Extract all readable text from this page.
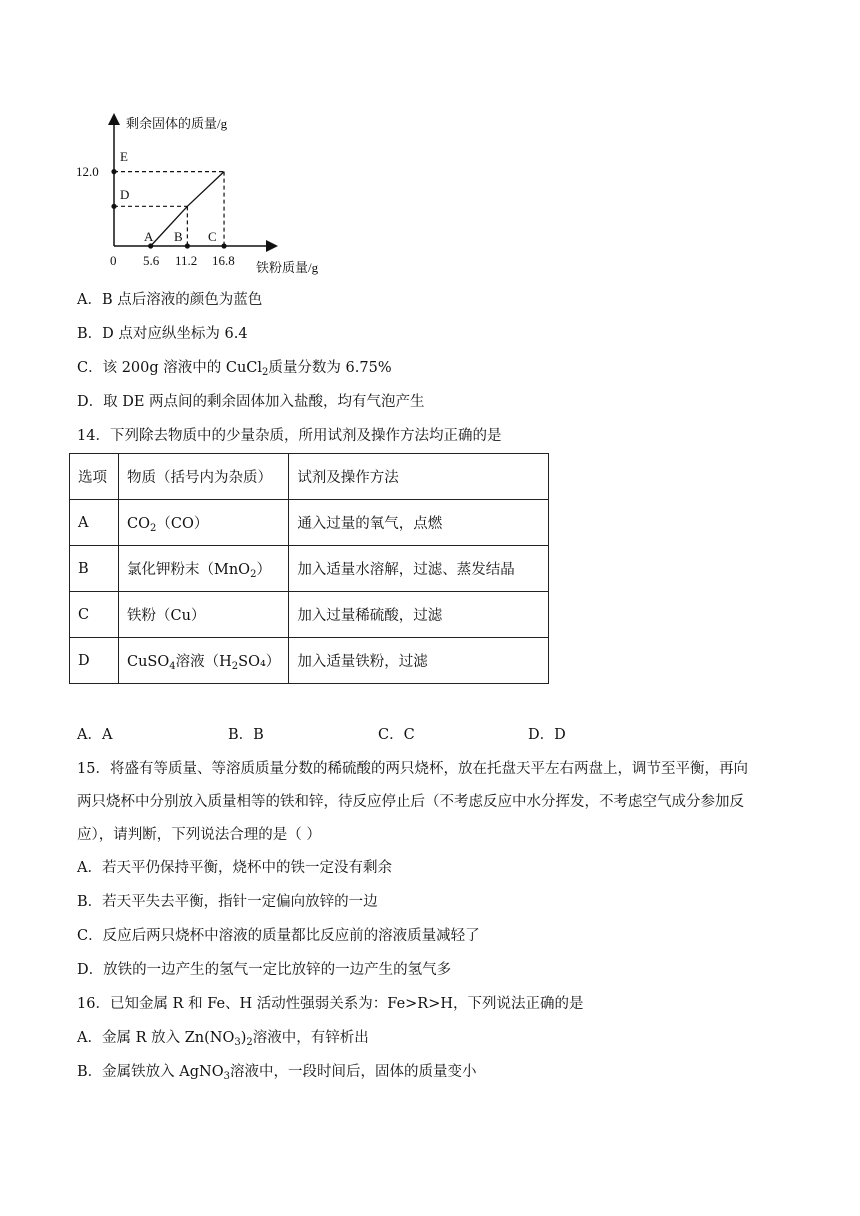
剩余固体的质量/g
铁粉质量/g
0
12.0
5.6 11.2 16.8
A B C
D
E
A．B 点后溶液的颜色为蓝色
B．D 点对应纵坐标为 6.4
C．该 200g 溶液中的 CuCl$_2$质量分数为 6.75%
D．取 DE 两点间的剩余固体加入盐酸，均有气泡产生
14．下列除去物质中的少量杂质，所用试剂及操作方法均正确的是
选项	物质（括号内为杂质）	试剂及操作方法
A	$CO_2(CO)$	通入过量的氧气，点燃
B	氯化钾粉末（MnO$_2$）	加入适量水溶解，过滤、蒸发结晶
C	铁粉（Cu）	加入过量稀硫酸，过滤
D	CuSO$_4$溶液$(H_2SO_4)$	加入适量铁粉，过滤
A．A	B．B	C．C	D．D
15．将盛有等质量、等溶质质量分数的稀硫酸的两只烧杯，放在托盘天平左右两盘上，调节至平衡，再向
两只烧杯中分别放入质量相等的铁和锌，待反应停止后（不考虑反应中水分挥发，不考虑空气成分参加反
应），请判断，下列说法合理的是（ ）
A．若天平仍保持平衡，烧杯中的铁一定没有剩余
B．若天平失去平衡，指针一定偏向放锌的一边
C．反应后两只烧杯中溶液的质量都比反应前的溶液质量减轻了
D．放铁的一边产生的氢气一定比放锌的一边产生的氢气多
16．已知金属 R 和 Fe、H 活动性强弱关系为：Fe>R>H，下列说法正确的是
A．金属 R 放入 $Zn(NO_3)_2$溶液中，有锌析出
B．金属铁放入 AgNO$_3$溶液中，一段时间后，固体的质量变小
